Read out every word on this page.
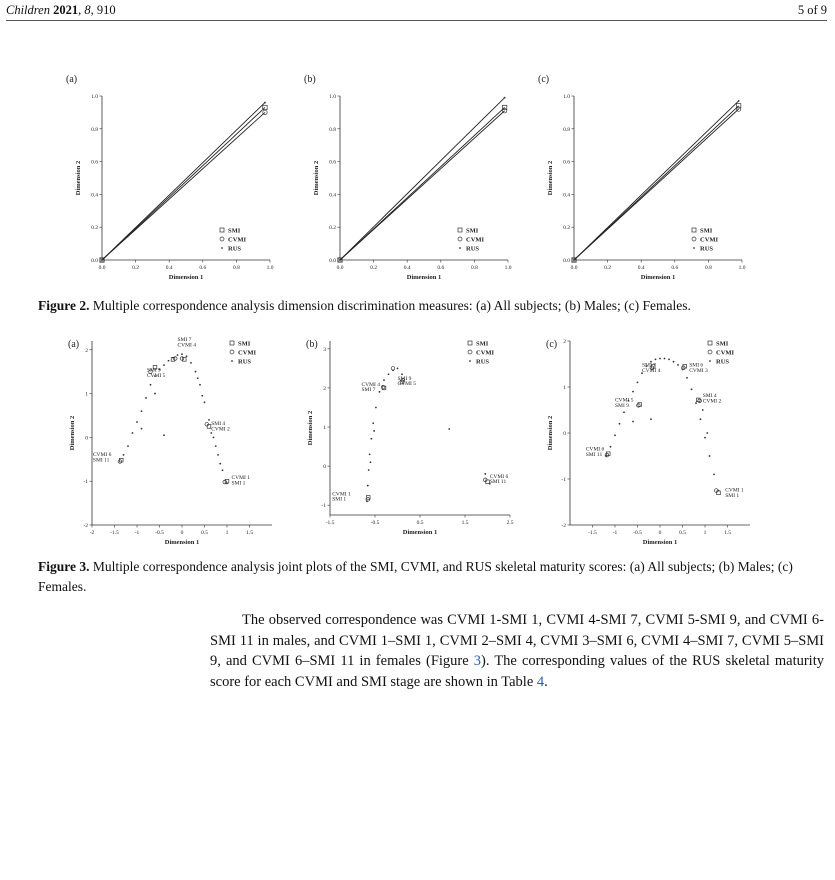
Children 2021, 8, 910	5 of 9
(a)
0.0	0.2	0.4	0.6	0.8	1.0
0.0
0.2
0.4
0.6
0.8
1.0
Dimension 1
Dimension 2
SMI
CVMI
RUS
(b)
0.0	0.2	0.4	0.6	0.8	1.0
0.0
0.2
0.4
0.6
0.8
1.0
Dimension 1
Dimension 2
SMI
CVMI
RUS
(c)
0.0	0.2	0.4	0.6	0.8	1.0
0.0
0.2
0.4
0.6
0.8
1.0
Dimension 1
Dimension 2
SMI
CVMI
RUS
Figure 2. Multiple correspondence analysis dimension discrimination measures: (a) All subjects; (b) Males; (c) Females.
(a)
-2	-1.5	-1	-0.5	0	0.5	1	1.5
-2
-1
0
1
2
Dimension 1
Dimension 2
SMI
CVMI
RUS
SMI 7
CVMI 4
SMI 9
CVMI 5
SMI 4
CVMI 2
CVMI 6
SMI 11
CVMI 1
SMI 1
(b)
-1.5	-0.5	0.5	1.5	2.5
-1
0
1
2
3
Dimension 1
Dimension 2
SMI
CVMI
RUS
CVMI 4
SMI 7
SMI 9
CVMI 5
CVMI 6
SMI 11
CVMI 1
SMI 1
(c)
-1.5	-1	-0.5	0	0.5	1	1.5
-2
-1
0
1
2
Dimension 1
Dimension 2
SMI
CVMI
RUS
SMI 7
CVMI 4
SMI 6
CVMI 3
CVMI 5
SMI 9
SMI 4
CVMI 2
CVMI 6
SMI 11
CVMI 1
SMI 1
Figure 3. Multiple correspondence analysis joint plots of the SMI, CVMI, and RUS skeletal maturity scores: (a) All subjects; (b) Males; (c) Females.
The observed correspondence was CVMI 1-SMI 1, CVMI 4-SMI 7, CVMI 5-SMI 9, and CVMI 6-SMI 11 in males, and CVMI 1–SMI 1, CVMI 2–SMI 4, CVMI 3–SMI 6, CVMI 4–SMI 7, CVMI 5–SMI 9, and CVMI 6–SMI 11 in females (Figure 3). The corresponding values of the RUS skeletal maturity score for each CVMI and SMI stage are shown in Table 4.
